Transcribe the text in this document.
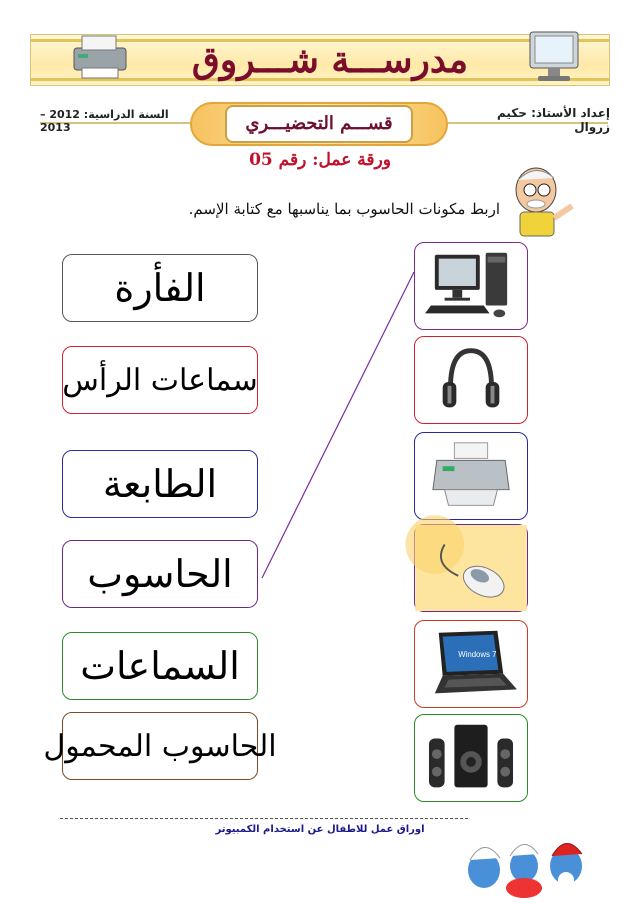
مدرســـة شـــروق
السنة الدراسية: 2012 – 2013
إعداد الأستاذ: حكيم زروال
قســـم التحضيـــري
ورقة عمل: رقم 05
اربط مكونات الحاسوب بما يناسبها مع كتابة الإسم.
الفأرة
سماعات الرأس
الطابعة
الحاسوب
السماعات
الحاسوب المحمول
Windows 7
اوراق عمل للاطفال عن استخدام الكمبيوتر
